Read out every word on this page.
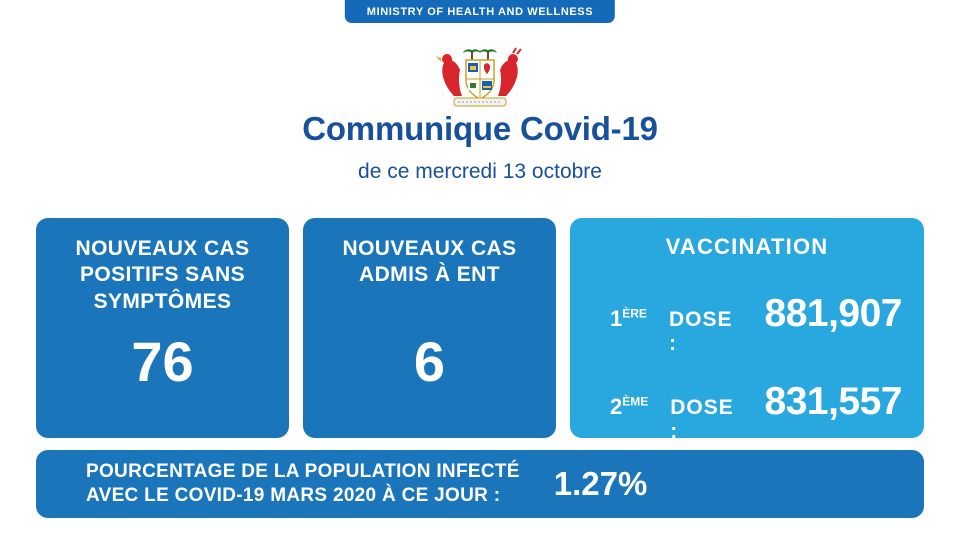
MINISTRY OF HEALTH AND WELLNESS
Communique Covid-19
de ce mercredi 13 octobre
NOUVEAUX CAS
POSITIFS SANS
SYMPTÔMES
76
NOUVEAUX CAS
ADMIS À ENT
6
VACCINATION
1ÈRE DOSE :
881,907
2ÈME DOSE :
831,557
POURCENTAGE DE LA POPULATION INFECTÉ
AVEC LE COVID-19 MARS 2020 À CE JOUR :	1.27%
